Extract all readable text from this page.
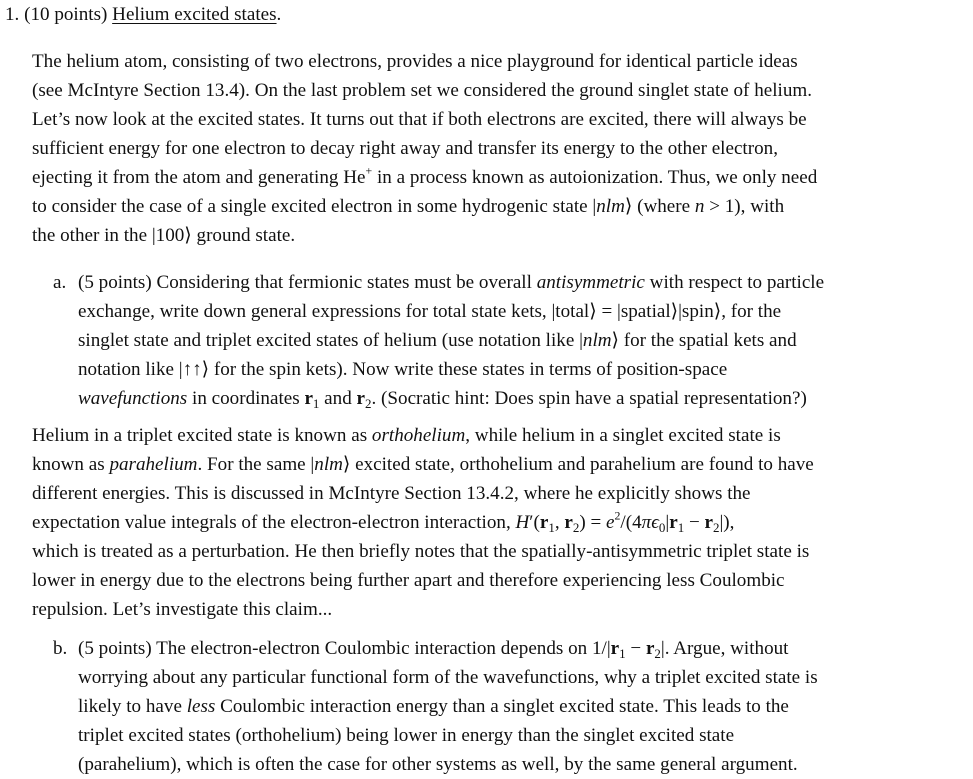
1. (10 points) Helium excited states.
The helium atom, consisting of two electrons, provides a nice playground for identical particle ideas
(see McIntyre Section 13.4). On the last problem set we considered the ground singlet state of helium.
Let’s now look at the excited states. It turns out that if both electrons are excited, there will always be
sufficient energy for one electron to decay right away and transfer its energy to the other electron,
ejecting it from the atom and generating He+ in a process known as autoionization. Thus, we only need
to consider the case of a single excited electron in some hydrogenic state |nlm⟩ (where n > 1), with
the other in the |100⟩ ground state.
a. (5 points) Considering that fermionic states must be overall antisymmetric with respect to particle
exchange, write down general expressions for total state kets, |total⟩ = |spatial⟩|spin⟩, for the
singlet state and triplet excited states of helium (use notation like |nlm⟩ for the spatial kets and
notation like |↑↑⟩ for the spin kets). Now write these states in terms of position-space
wavefunctions in coordinates $r_1$ and $r_2$. (Socratic hint: Does spin have a spatial representation?)
Helium in a triplet excited state is known as orthohelium, while helium in a singlet excited state is
known as parahelium. For the same |nlm⟩ excited state, orthohelium and parahelium are found to have
different energies. This is discussed in McIntyre Section 13.4.2, where he explicitly shows the
expectation value integrals of the electron-electron interaction, $H'(r_1$, $r_2) = e^2/(4\pi\epsilon_0|r_1 - r_2|)$,
which is treated as a perturbation. He then briefly notes that the spatially-antisymmetric triplet state is
lower in energy due to the electrons being further apart and therefore experiencing less Coulombic
repulsion. Let’s investigate this claim...
b. (5 points) The electron-electron Coulombic interaction depends on $1/|r_1 - r_2|$. Argue, without
worrying about any particular functional form of the wavefunctions, why a triplet excited state is
likely to have less Coulombic interaction energy than a singlet excited state. This leads to the
triplet excited states (orthohelium) being lower in energy than the singlet excited state
(parahelium), which is often the case for other systems as well, by the same general argument.
